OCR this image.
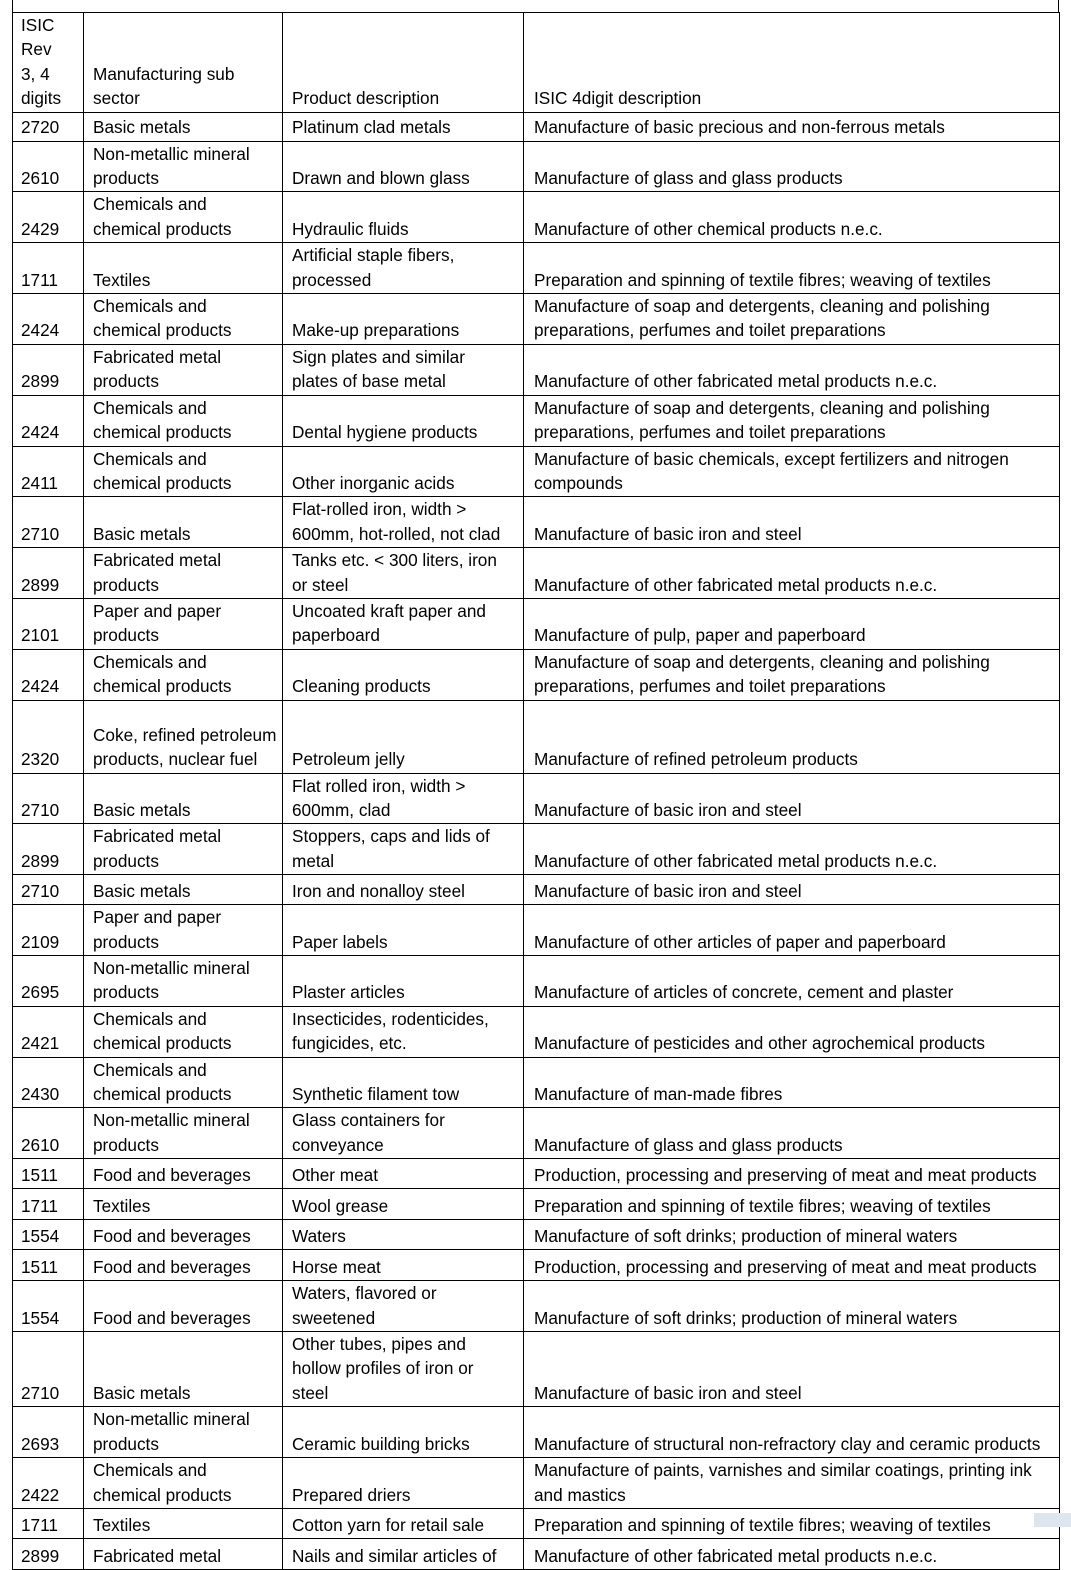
ISIC Rev 3, 4 digits	Manufacturing sub sector	Product description	ISIC 4digit description
2720	Basic metals	Platinum clad metals	Manufacture of basic precious and non-ferrous metals
2610	Non-metallic mineral products	Drawn and blown glass	Manufacture of glass and glass products
2429	Chemicals and chemical products	Hydraulic fluids	Manufacture of other chemical products n.e.c.
1711	Textiles	Artificial staple fibers, processed	Preparation and spinning of textile fibres; weaving of textiles
2424	Chemicals and chemical products	Make-up preparations	Manufacture of soap and detergents, cleaning and polishing preparations, perfumes and toilet preparations
2899	Fabricated metal products	Sign plates and similar plates of base metal	Manufacture of other fabricated metal products n.e.c.
2424	Chemicals and chemical products	Dental hygiene products	Manufacture of soap and detergents, cleaning and polishing preparations, perfumes and toilet preparations
2411	Chemicals and chemical products	Other inorganic acids	Manufacture of basic chemicals, except fertilizers and nitrogen compounds
2710	Basic metals	Flat-rolled iron, width > 600mm, hot-rolled, not clad	Manufacture of basic iron and steel
2899	Fabricated metal products	Tanks etc. < 300 liters, iron or steel	Manufacture of other fabricated metal products n.e.c.
2101	Paper and paper products	Uncoated kraft paper and paperboard	Manufacture of pulp, paper and paperboard
2424	Chemicals and chemical products	Cleaning products	Manufacture of soap and detergents, cleaning and polishing preparations, perfumes and toilet preparations
2320	Coke, refined petroleum products, nuclear fuel	Petroleum jelly	Manufacture of refined petroleum products
2710	Basic metals	Flat rolled iron, width > 600mm, clad	Manufacture of basic iron and steel
2899	Fabricated metal products	Stoppers, caps and lids of metal	Manufacture of other fabricated metal products n.e.c.
2710	Basic metals	Iron and nonalloy steel	Manufacture of basic iron and steel
2109	Paper and paper products	Paper labels	Manufacture of other articles of paper and paperboard
2695	Non-metallic mineral products	Plaster articles	Manufacture of articles of concrete, cement and plaster
2421	Chemicals and chemical products	Insecticides, rodenticides, fungicides, etc.	Manufacture of pesticides and other agrochemical products
2430	Chemicals and chemical products	Synthetic filament tow	Manufacture of man-made fibres
2610	Non-metallic mineral products	Glass containers for conveyance	Manufacture of glass and glass products
1511	Food and beverages	Other meat	Production, processing and preserving of meat and meat products
1711	Textiles	Wool grease	Preparation and spinning of textile fibres; weaving of textiles
1554	Food and beverages	Waters	Manufacture of soft drinks; production of mineral waters
1511	Food and beverages	Horse meat	Production, processing and preserving of meat and meat products
1554	Food and beverages	Waters, flavored or sweetened	Manufacture of soft drinks; production of mineral waters
2710	Basic metals	Other tubes, pipes and hollow profiles of iron or steel	Manufacture of basic iron and steel
2693	Non-metallic mineral products	Ceramic building bricks	Manufacture of structural non-refractory clay and ceramic products
2422	Chemicals and chemical products	Prepared driers	Manufacture of paints, varnishes and similar coatings, printing ink and mastics
1711	Textiles	Cotton yarn for retail sale	Preparation and spinning of textile fibres; weaving of textiles
2899	Fabricated metal	Nails and similar articles of	Manufacture of other fabricated metal products n.e.c.
